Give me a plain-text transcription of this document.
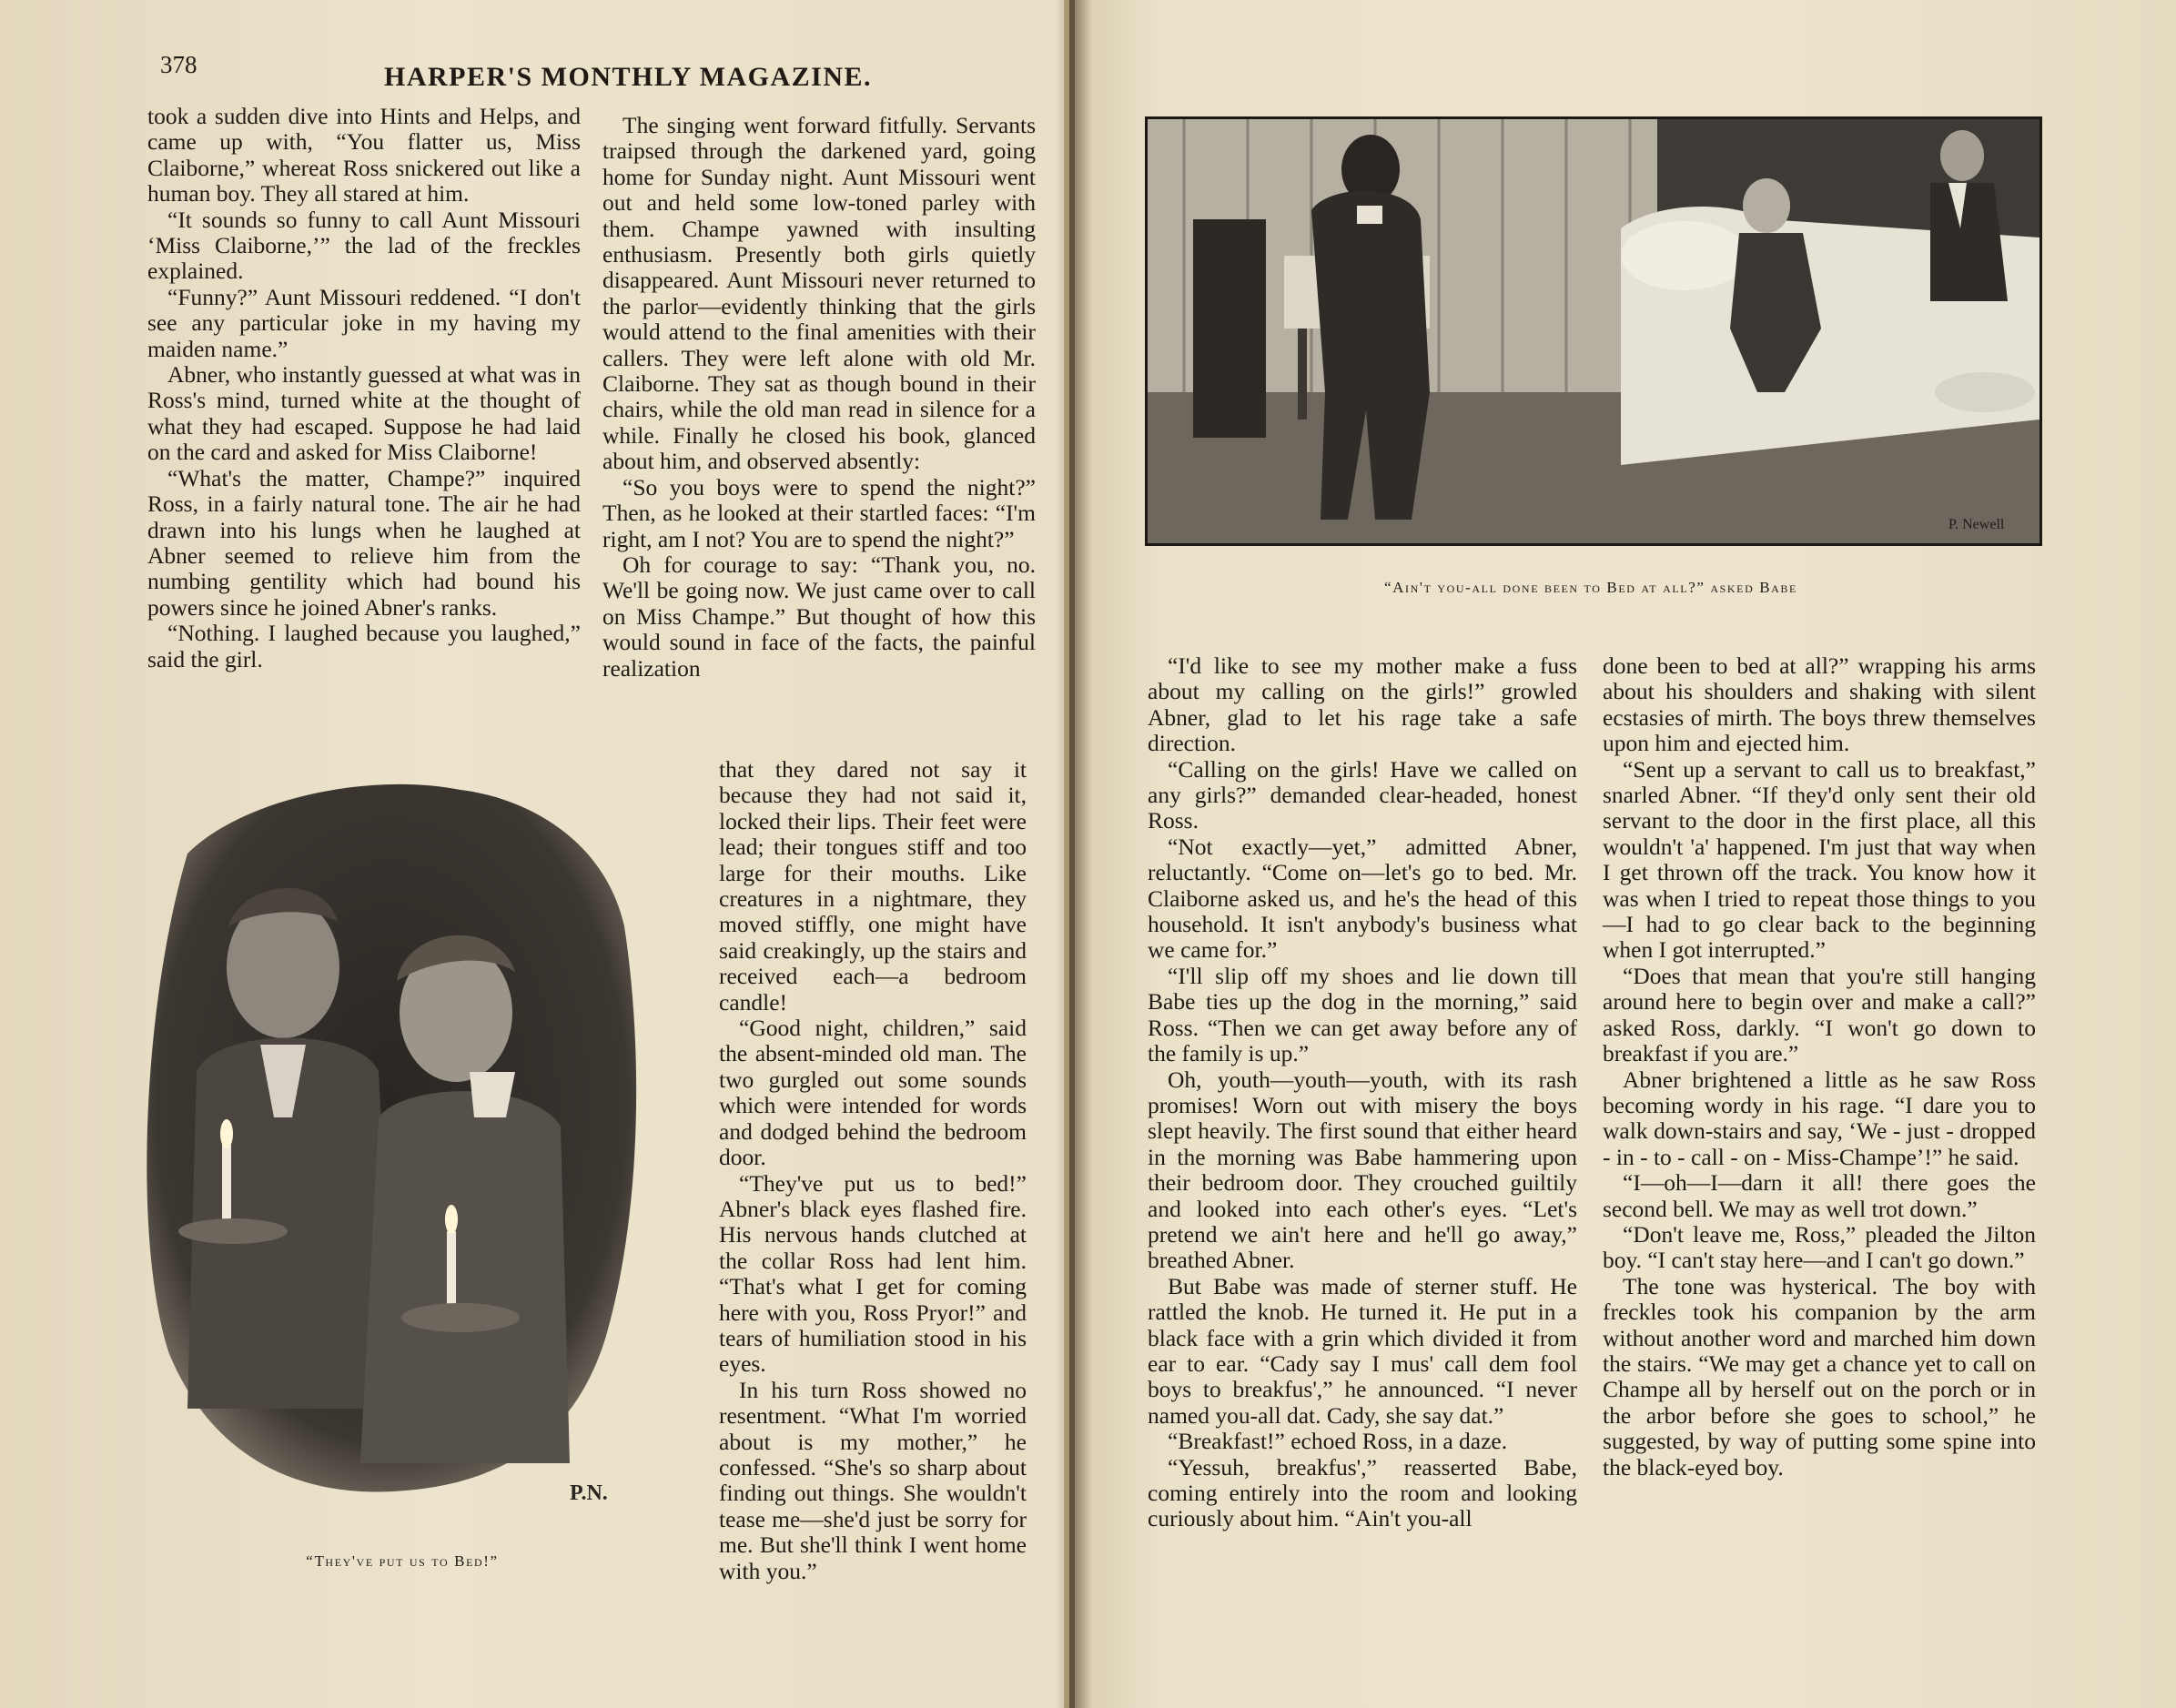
378	HARPER'S MONTHLY MAGAZINE.

took a sudden dive into Hints and Helps, and came up with, “You flatter us, Miss Claiborne,” whereat Ross snickered out like a human boy. They all stared at him.

“It sounds so funny to call Aunt Missouri ‘Miss Claiborne,’” the lad of the freckles explained.

“Funny?” Aunt Missouri reddened. “I don't see any particular joke in my having my maiden name.”

Abner, who instantly guessed at what was in Ross's mind, turned white at the thought of what they had escaped. Suppose he had laid on the card and asked for Miss Claiborne!

“What's the matter, Champe?” inquired Ross, in a fairly natural tone. The air he had drawn into his lungs when he laughed at Abner seemed to relieve him from the numbing gentility which had bound his powers since he joined Abner's ranks.

“Nothing. I laughed because you laughed,” said the girl.

The singing went forward fitfully. Servants traipsed through the darkened yard, going home for Sunday night. Aunt Missouri went out and held some low-toned parley with them. Champe yawned with insulting enthusiasm. Presently both girls quietly disappeared. Aunt Missouri never returned to the parlor—evidently thinking that the girls would attend to the final amenities with their callers. They were left alone with old Mr. Claiborne. They sat as though bound in their chairs, while the old man read in silence for a while. Finally he closed his book, glanced about him, and observed absently:

“So you boys were to spend the night?” Then, as he looked at their startled faces: “I'm right, am I not? You are to spend the night?”

Oh for courage to say: “Thank you, no. We'll be going now. We just came over to call on Miss Champe.” But thought of how this would sound in face of the facts, the painful realization

that they dared not say it because they had not said it, locked their lips. Their feet were lead; their tongues stiff and too large for their mouths. Like creatures in a nightmare, they moved stiffly, one might have said creakingly, up the stairs and received each—a bedroom candle!

“Good night, children,” said the absent-minded old man. The two gurgled out some sounds which were intended for words and dodged behind the bedroom door.

“They've put us to bed!” Abner's black eyes flashed fire. His nervous hands clutched at the collar Ross had lent him. “That's what I get for coming here with you, Ross Pryor!” and tears of humiliation stood in his eyes.

In his turn Ross showed no resentment. “What I'm worried about is my mother,” he confessed. “She's so sharp about finding out things. She wouldn't tease me—she'd just be sorry for me. But she'll think I went home with you.”

P.N.
“They've put us to Bed!”
P. Newell
“Ain't you-all done been to Bed at all?” asked Babe

“I'd like to see my mother make a fuss about my calling on the girls!” growled Abner, glad to let his rage take a safe direction.

“Calling on the girls! Have we called on any girls?” demanded clear-headed, honest Ross.

“Not exactly—yet,” admitted Abner, reluctantly. “Come on—let's go to bed. Mr. Claiborne asked us, and he's the head of this household. It isn't anybody's business what we came for.”

“I'll slip off my shoes and lie down till Babe ties up the dog in the morning,” said Ross. “Then we can get away before any of the family is up.”

Oh, youth—youth—youth, with its rash promises! Worn out with misery the boys slept heavily. The first sound that either heard in the morning was Babe hammering upon their bedroom door. They crouched guiltily and looked into each other's eyes. “Let's pretend we ain't here and he'll go away,” breathed Abner.

But Babe was made of sterner stuff. He rattled the knob. He turned it. He put in a black face with a grin which divided it from ear to ear. “Cady say I mus' call dem fool boys to breakfus',” he announced. “I never named you-all dat. Cady, she say dat.”

“Breakfast!” echoed Ross, in a daze.

“Yessuh, breakfus',” reasserted Babe, coming entirely into the room and looking curiously about him. “Ain't you-all

done been to bed at all?” wrapping his arms about his shoulders and shaking with silent ecstasies of mirth. The boys threw themselves upon him and ejected him.

“Sent up a servant to call us to breakfast,” snarled Abner. “If they'd only sent their old servant to the door in the first place, all this wouldn't 'a' happened. I'm just that way when I get thrown off the track. You know how it was when I tried to repeat those things to you—I had to go clear back to the beginning when I got interrupted.”

“Does that mean that you're still hanging around here to begin over and make a call?” asked Ross, darkly. “I won't go down to breakfast if you are.”

Abner brightened a little as he saw Ross becoming wordy in his rage. “I dare you to walk down-stairs and say, ‘We - just - dropped - in - to - call - on - Miss-Champe’!” he said.

“I—oh—I—darn it all! there goes the second bell. We may as well trot down.”

“Don't leave me, Ross,” pleaded the Jilton boy. “I can't stay here—and I can't go down.”

The tone was hysterical. The boy with freckles took his companion by the arm without another word and marched him down the stairs. “We may get a chance yet to call on Champe all by herself out on the porch or in the arbor before she goes to school,” he suggested, by way of putting some spine into the black-eyed boy.
